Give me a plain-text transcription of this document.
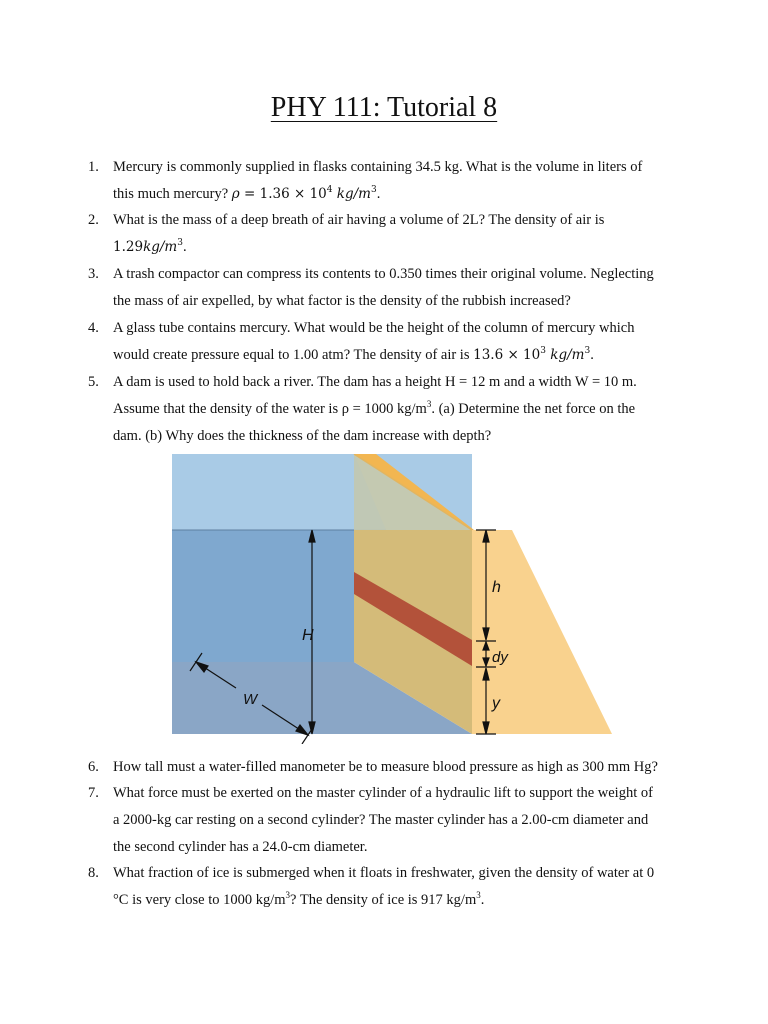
PHY 111: Tutorial 8
1. Mercury is commonly supplied in flasks containing 34.5 kg. What is the volume in liters of
this much mercury? $\rho = 1.36 \times 10^4$ $kg/m^3$.
2. What is the mass of a deep breath of air having a volume of 2L? The density of air is
$1.29kg/m^3$.
3. A trash compactor can compress its contents to 0.350 times their original volume. Neglecting
the mass of air expelled, by what factor is the density of the rubbish increased?
4. A glass tube contains mercury. What would be the height of the column of mercury which
would create pressure equal to 1.00 atm? The density of air is $13.6 \times 10^3$ $kg/m^3$.
5. A dam is used to hold back a river. The dam has a height H = 12 m and a width W = 10 m.
Assume that the density of the water is ρ = 1000 $kg/m^3$. (a) Determine the net force on the
dam. (b) Why does the thickness of the dam increase with depth?
H
W
h
dy
y
6. How tall must a water-filled manometer be to measure blood pressure as high as 300 mm Hg?
7. What force must be exerted on the master cylinder of a hydraulic lift to support the weight of
a 2000-kg car resting on a second cylinder? The master cylinder has a 2.00-cm diameter and
the second cylinder has a 24.0-cm diameter.
8. What fraction of ice is submerged when it floats in freshwater, given the density of water at 0
°C is very close to 1000 $kg/m^3$? The density of ice is 917 $kg/m^3$.
